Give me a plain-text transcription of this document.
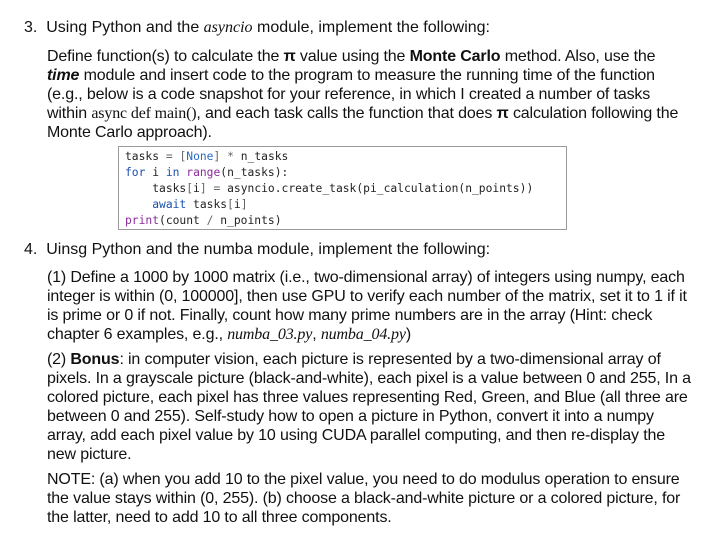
3. Using Python and the asyncio module, implement the following:
Define function(s) to calculate the π value using the Monte Carlo method. Also, use the time module and insert code to the program to measure the running time of the function (e.g., below is a code snapshot for your reference, in which I created a number of tasks within async def main(), and each task calls the function that does π calculation following the Monte Carlo approach).
tasks = [None] * n_tasks
for i in range(n_tasks):
tasks[i] = asyncio.create_task(pi_calculation(n_points))
await tasks[i]
print(count / n_points)
4. Uinsg Python and the numba module, implement the following:
(1) Define a 1000 by 1000 matrix (i.e., two-dimensional array) of integers using numpy, each integer is within (0, 100000], then use GPU to verify each number of the matrix, set it to 1 if it is prime or 0 if not. Finally, count how many prime numbers are in the array (Hint: check chapter 6 examples, e.g., numba_03.py, numba_04.py)
(2) Bonus: in computer vision, each picture is represented by a two-dimensional array of pixels. In a grayscale picture (black-and-white), each pixel is a value between 0 and 255, In a colored picture, each pixel has three values representing Red, Green, and Blue (all three are between 0 and 255). Self-study how to open a picture in Python, convert it into a numpy array, add each pixel value by 10 using CUDA parallel computing, and then re-display the new picture.
NOTE: (a) when you add 10 to the pixel value, you need to do modulus operation to ensure the value stays within (0, 255). (b) choose a black-and-white picture or a colored picture, for the latter, need to add 10 to all three components.
